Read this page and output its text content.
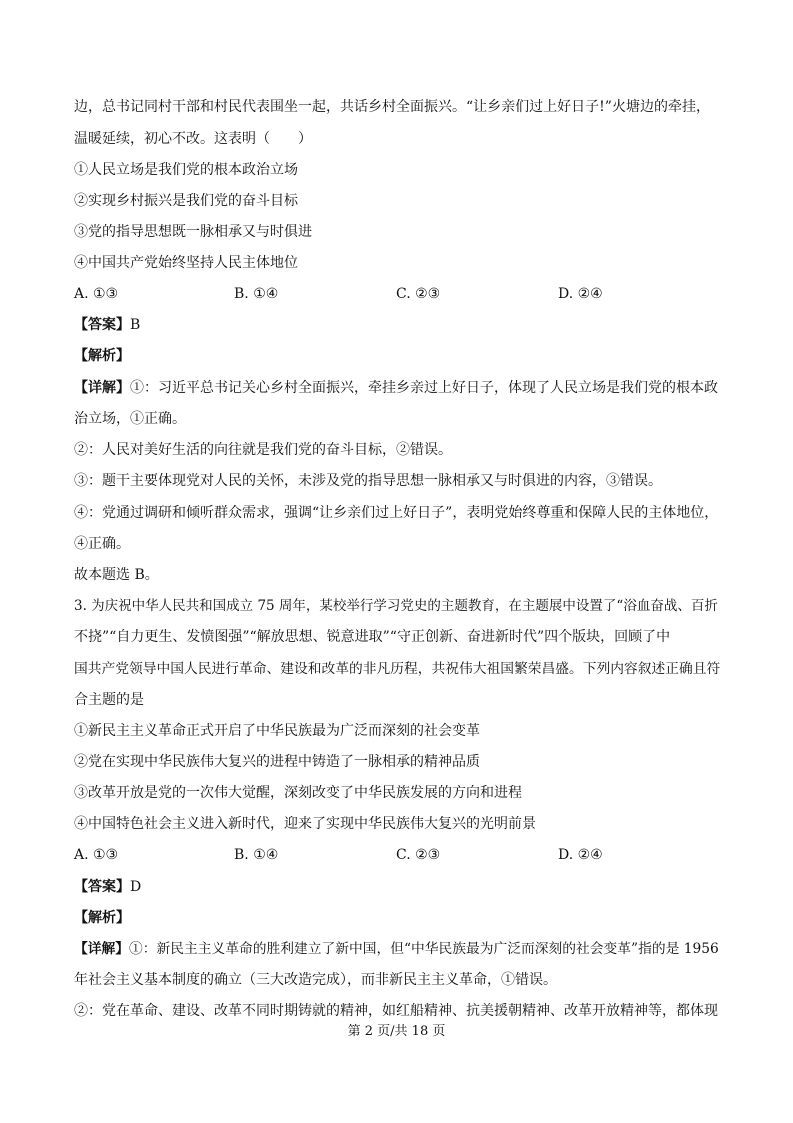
边，总书记同村干部和村民代表围坐一起，共话乡村全面振兴。“让乡亲们过上好日子!”火塘边的牵挂，
温暖延续，初心不改。这表明（　　）
①人民立场是我们党的根本政治立场
②实现乡村振兴是我们党的奋斗目标
③党的指导思想既一脉相承又与时俱进
④中国共产党始终坚持人民主体地位
A. ①③	B. ①④	C. ②③	D. ②④
【答案】B
【解析】
【详解】①：习近平总书记关心乡村全面振兴，牵挂乡亲过上好日子，体现了人民立场是我们党的根本政
治立场，①正确。
②：人民对美好生活的向往就是我们党的奋斗目标，②错误。
③：题干主要体现党对人民的关怀，未涉及党的指导思想一脉相承又与时俱进的内容，③错误。
④：党通过调研和倾听群众需求，强调“让乡亲们过上好日子”，表明党始终尊重和保障人民的主体地位，
④正确。
故本题选 B。
3. 为庆祝中华人民共和国成立 75 周年，某校举行学习党史的主题教育，在主题展中设置了“浴血奋战、百折
不挠”“自力更生、发愤图强”“解放思想、锐意进取”“守正创新、奋进新时代”四个版块，回顾了中
国共产党领导中国人民进行革命、建设和改革的非凡历程，共祝伟大祖国繁荣昌盛。下列内容叙述正确且符
合主题的是
①新民主主义革命正式开启了中华民族最为广泛而深刻的社会变革
②党在实现中华民族伟大复兴的进程中铸造了一脉相承的精神品质
③改革开放是党的一次伟大觉醒，深刻改变了中华民族发展的方向和进程
④中国特色社会主义进入新时代，迎来了实现中华民族伟大复兴的光明前景
A. ①③	B. ①④	C. ②③	D. ②④
【答案】D
【解析】
【详解】①：新民主主义革命的胜利建立了新中国，但“中华民族最为广泛而深刻的社会变革”指的是 1956
年社会主义基本制度的确立（三大改造完成），而非新民主主义革命，①错误。
②：党在革命、建设、改革不同时期铸就的精神，如红船精神、抗美援朝精神、改革开放精神等，都体现
第 2 页/共 18 页
